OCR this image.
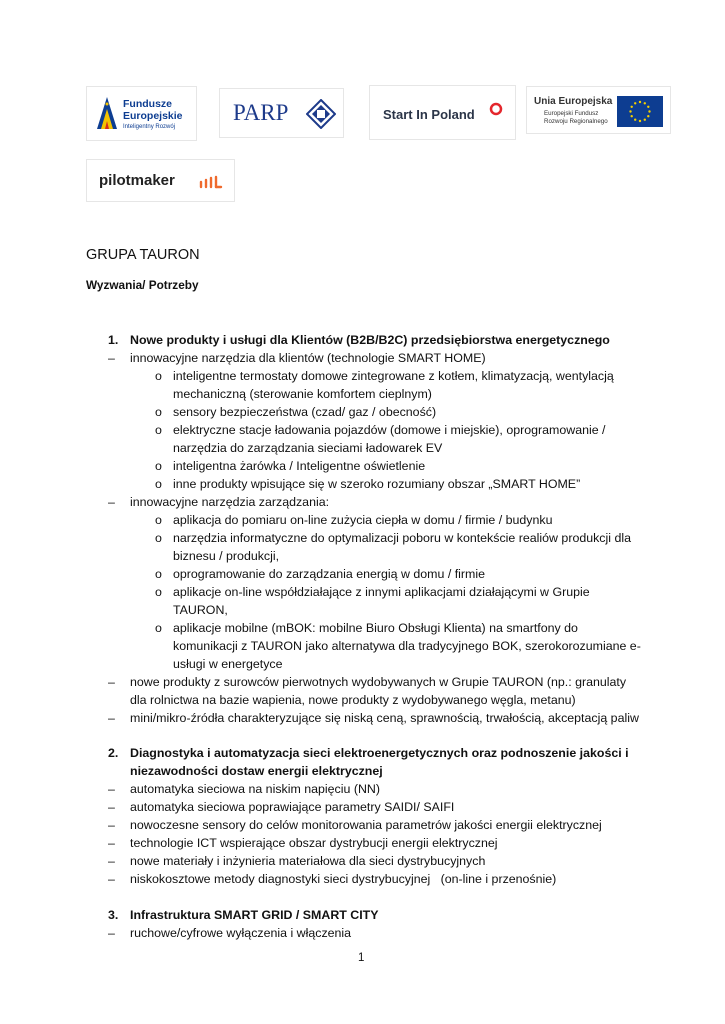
Fundusze
Europejskie
Inteligentny Rozwój
PARP	Start In Poland
Unia Europejska
Europejski Fundusz
Rozwoju Regionalnego
pilotmaker
GRUPA TAURON
Wyzwania/ Potrzeby
1. Nowe produkty i usługi dla Klientów (B2B/B2C) przedsiębiorstwa energetycznego
– innowacyjne narzędzia dla klientów (technologie SMART HOME)
o inteligentne termostaty domowe zintegrowane z kotłem, klimatyzacją, wentylacją
mechaniczną (sterowanie komfortem cieplnym)
o sensory bezpieczeństwa (czad/ gaz / obecność)
o elektryczne stacje ładowania pojazdów (domowe i miejskie), oprogramowanie /
narzędzia do zarządzania sieciami ładowarek EV
o inteligentna żarówka / Inteligentne oświetlenie
o inne produkty wpisujące się w szeroko rozumiany obszar „SMART HOME”
– innowacyjne narzędzia zarządzania:
o aplikacja do pomiaru on-line zużycia ciepła w domu / firmie / budynku
o narzędzia informatyczne do optymalizacji poboru w kontekście realiów produkcji dla
biznesu / produkcji,
o oprogramowanie do zarządzania energią w domu / firmie
o aplikacje on-line współdziałające z innymi aplikacjami działającymi w Grupie
TAURON,
o aplikacje mobilne (mBOK: mobilne Biuro Obsługi Klienta) na smartfony do
komunikacji z TAURON jako alternatywa dla tradycyjnego BOK, szerokorozumiane e-
usługi w energetyce
– nowe produkty z surowców pierwotnych wydobywanych w Grupie TAURON (np.: granulaty
dla rolnictwa na bazie wapienia, nowe produkty z wydobywanego węgla, metanu)
– mini/mikro-źródła charakteryzujące się niską ceną, sprawnością, trwałością, akceptacją paliw
2. Diagnostyka i automatyzacja sieci elektroenergetycznych oraz podnoszenie jakości i
niezawodności dostaw energii elektrycznej
– automatyka sieciowa na niskim napięciu (NN)
– automatyka sieciowa poprawiające parametry SAIDI/ SAIFI
– nowoczesne sensory do celów monitorowania parametrów jakości energii elektrycznej
– technologie ICT wspierające obszar dystrybucji energii elektrycznej
– nowe materiały i inżynieria materiałowa dla sieci dystrybucyjnych
– niskokosztowe metody diagnostyki sieci dystrybucyjnej   (on-line i przenośnie)
3. Infrastruktura SMART GRID / SMART CITY
– ruchowe/cyfrowe wyłączenia i włączenia
1
